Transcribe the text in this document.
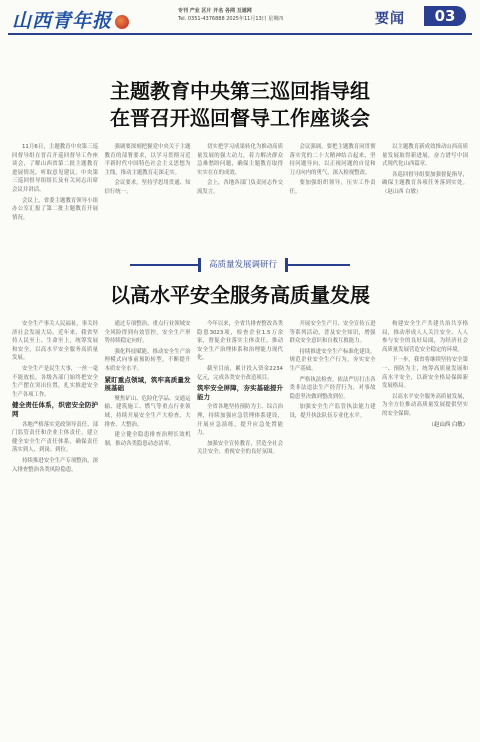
山西青年报	专刊 产业 区片 开名 各网 互通网
Tel. 0351-4376888 2025年11月13日 星期四	要闻	03
主题教育中央第三巡回指导组
在晋召开巡回督导工作座谈会

11月6日，主题教育中央第三巡回督导组在晋召开巡回督导工作座谈会，了解山西省第二批主题教育进展情况，听取意见建议。中央第三巡回督导组组长及有关同志出席会议并讲话。

会议上，省委主题教育领导小组办公室汇报了第二批主题教育开展情况。

强调要深刻把握党中央关于主题教育的部署要求，以学习贯彻习近平新时代中国特色社会主义思想为主线，推动主题教育走深走实。

会议要求，坚持学思用贯通、知信行统一。

切实把学习成果转化为推动高质量发展的强大动力，着力解决群众急难愁盼问题，确保主题教育取得实实在在的成效。

会上，各地各部门负责同志作交流发言。

会议强调，要把主题教育同贯彻落实党的二十大精神结合起来，坚持问题导向，以正视问题的自觉和刀刃向内的勇气，深入检视整改。

要加强组织领导，压实工作责任。

以主题教育新成效推动山西高质量发展取得新进展，奋力谱写中国式现代化山西篇章。

各巡回督导组要加强督促指导，确保主题教育各项任务落到实处。（赵山西 白敏）

高质量发展调研行
以高水平安全服务高质量发展

安全生产事关人民福祉，事关经济社会发展大局。近年来，我省坚持人民至上、生命至上，统筹发展和安全，以高水平安全服务高质量发展。

安全生产是民生大事，一丝一毫不能放松。各级各部门始终把安全生产摆在突出位置，扎实推进安全生产各项工作。

健全责任体系，织密安全防护网

各地严格落实党政领导责任、部门监管责任和企业主体责任，建立健全安全生产责任体系，确保责任落实到人、到岗、到位。

持续推进安全生产专项整治，深入排查整治各类风险隐患。

通过专项整治，重点行业领域安全风险得到有效管控，安全生产形势持续稳定向好。

强化科技赋能，推动安全生产治理模式向事前预防转型，不断提升本质安全水平。

紧盯重点领域，筑牢高质量发展基础

聚焦矿山、危险化学品、交通运输、建筑施工、燃气等重点行业领域，持续开展安全生产大检查、大排查、大整治。

建立健全隐患排查治理长效机制，推动各类隐患动态清零。

今年以来，全省共排查整改各类隐患3023项，检查企业1.5万余家，督促企业落实主体责任，推动安全生产治理体系和治理能力现代化。

截至目前，累计投入资金2234亿元，完成各类安全改造项目。

筑牢安全屏障，夯实基础提升能力

全省各地坚持预防为主、综合治理，持续加强应急管理体系建设，开展应急演练，提升应急处置能力。

加强安全宣传教育，营造全社会关注安全、重视安全的良好氛围。

开展安全生产月、安全宣传五进等系列活动，普及安全知识，增强群众安全意识和自救互救能力。

持续推进安全生产标准化建设，规范企业安全生产行为，夯实安全生产基础。

严格执法检查，依法严厉打击各类非法违法生产经营行为，对事故隐患坚决做到整改到位。

加强安全生产监管执法能力建设，提升执法队伍专业化水平。

构建安全生产共建共治共享格局，推动形成人人关注安全、人人参与安全的良好局面，为经济社会高质量发展营造安全稳定的环境。

下一步，我省将继续坚持安全第一、预防为主，统筹高质量发展和高水平安全，以新安全格局保障新发展格局。

以高水平安全服务高质量发展，为全方位推动高质量发展提供坚实的安全保障。

（赵山西 白敏）
